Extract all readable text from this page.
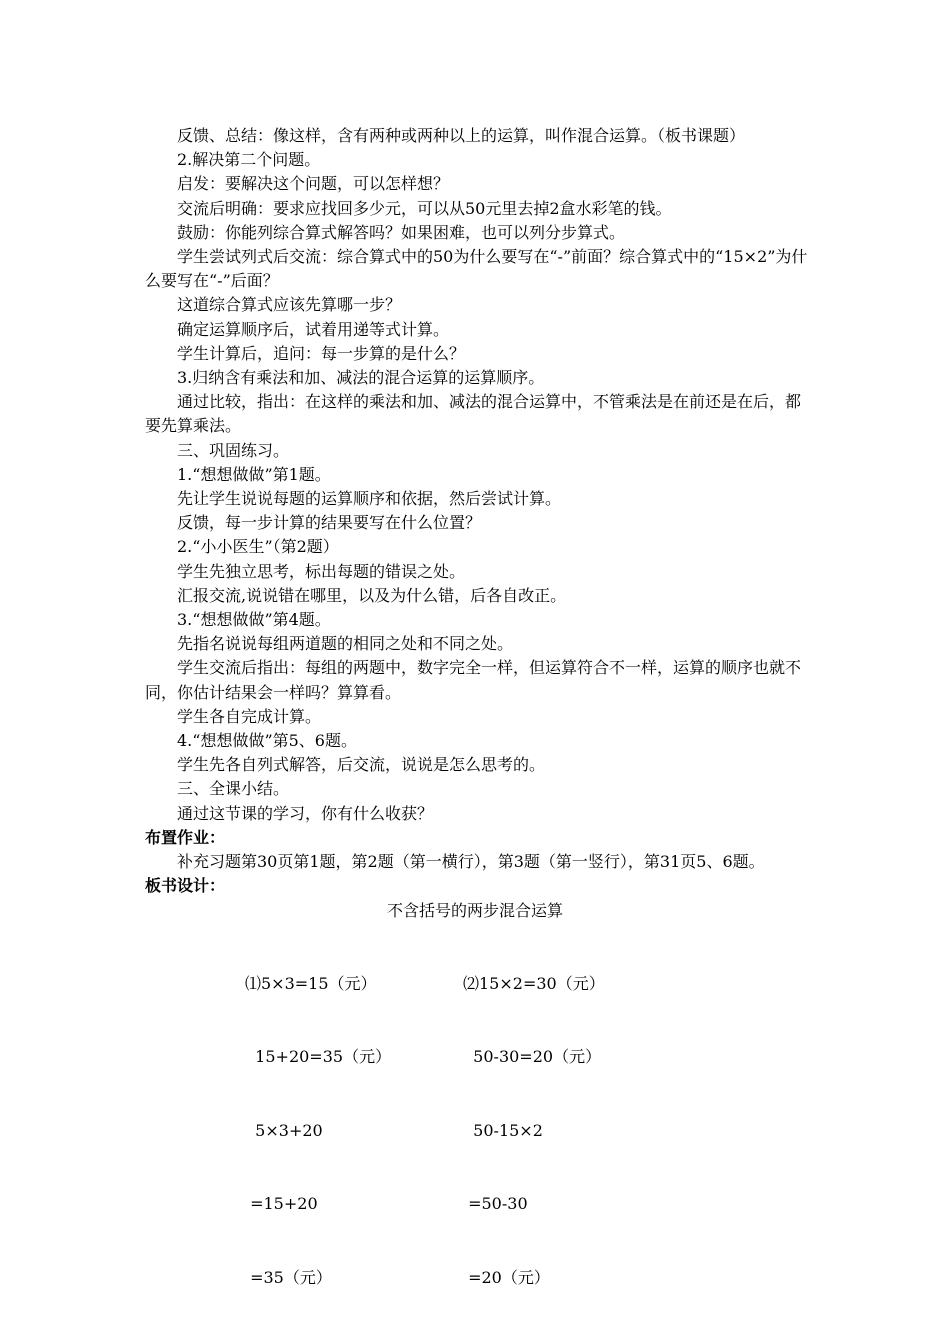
反馈、总结：像这样，含有两种或两种以上的运算，叫作混合运算。（板书课题）

2.解决第二个问题。

启发：要解决这个问题，可以怎样想？

交流后明确：要求应找回多少元，可以从50元里去掉2盒水彩笔的钱。

鼓励：你能列综合算式解答吗？如果困难，也可以列分步算式。

学生尝试列式后交流：综合算式中的50为什么要写在“-”前面？综合算式中的“15×2”为什么要写在“-”后面？

这道综合算式应该先算哪一步？

确定运算顺序后，试着用递等式计算。

学生计算后，追问：每一步算的是什么？

3.归纳含有乘法和加、减法的混合运算的运算顺序。

通过比较，指出：在这样的乘法和加、减法的混合运算中，不管乘法是在前还是在后，都要先算乘法。

三、巩固练习。

1.“想想做做”第1题。

先让学生说说每题的运算顺序和依据，然后尝试计算。

反馈，每一步计算的结果要写在什么位置？

2.“小小医生”（第2题）

学生先独立思考，标出每题的错误之处。

汇报交流,说说错在哪里，以及为什么错，后各自改正。

3.“想想做做”第4题。

先指名说说每组两道题的相同之处和不同之处。

学生交流后指出：每组的两题中，数字完全一样，但运算符合不一样，运算的顺序也就不同，你估计结果会一样吗？算算看。

学生各自完成计算。

4.“想想做做”第5、6题。

学生先各自列式解答，后交流，说说是怎么思考的。

三、全课小结。

通过这节课的学习，你有什么收获？

布置作业：

补充习题第30页第1题，第2题（第一横行），第3题（第一竖行），第31页5、6题。

板书设计：

不含括号的两步混合运算

⑴5×3=15（元）

15+20=35（元）

5×3+20

=15+20

=35（元）

⑵15×2=30（元）

50-30=20（元）

50-15×2

=50-30

=20（元）
